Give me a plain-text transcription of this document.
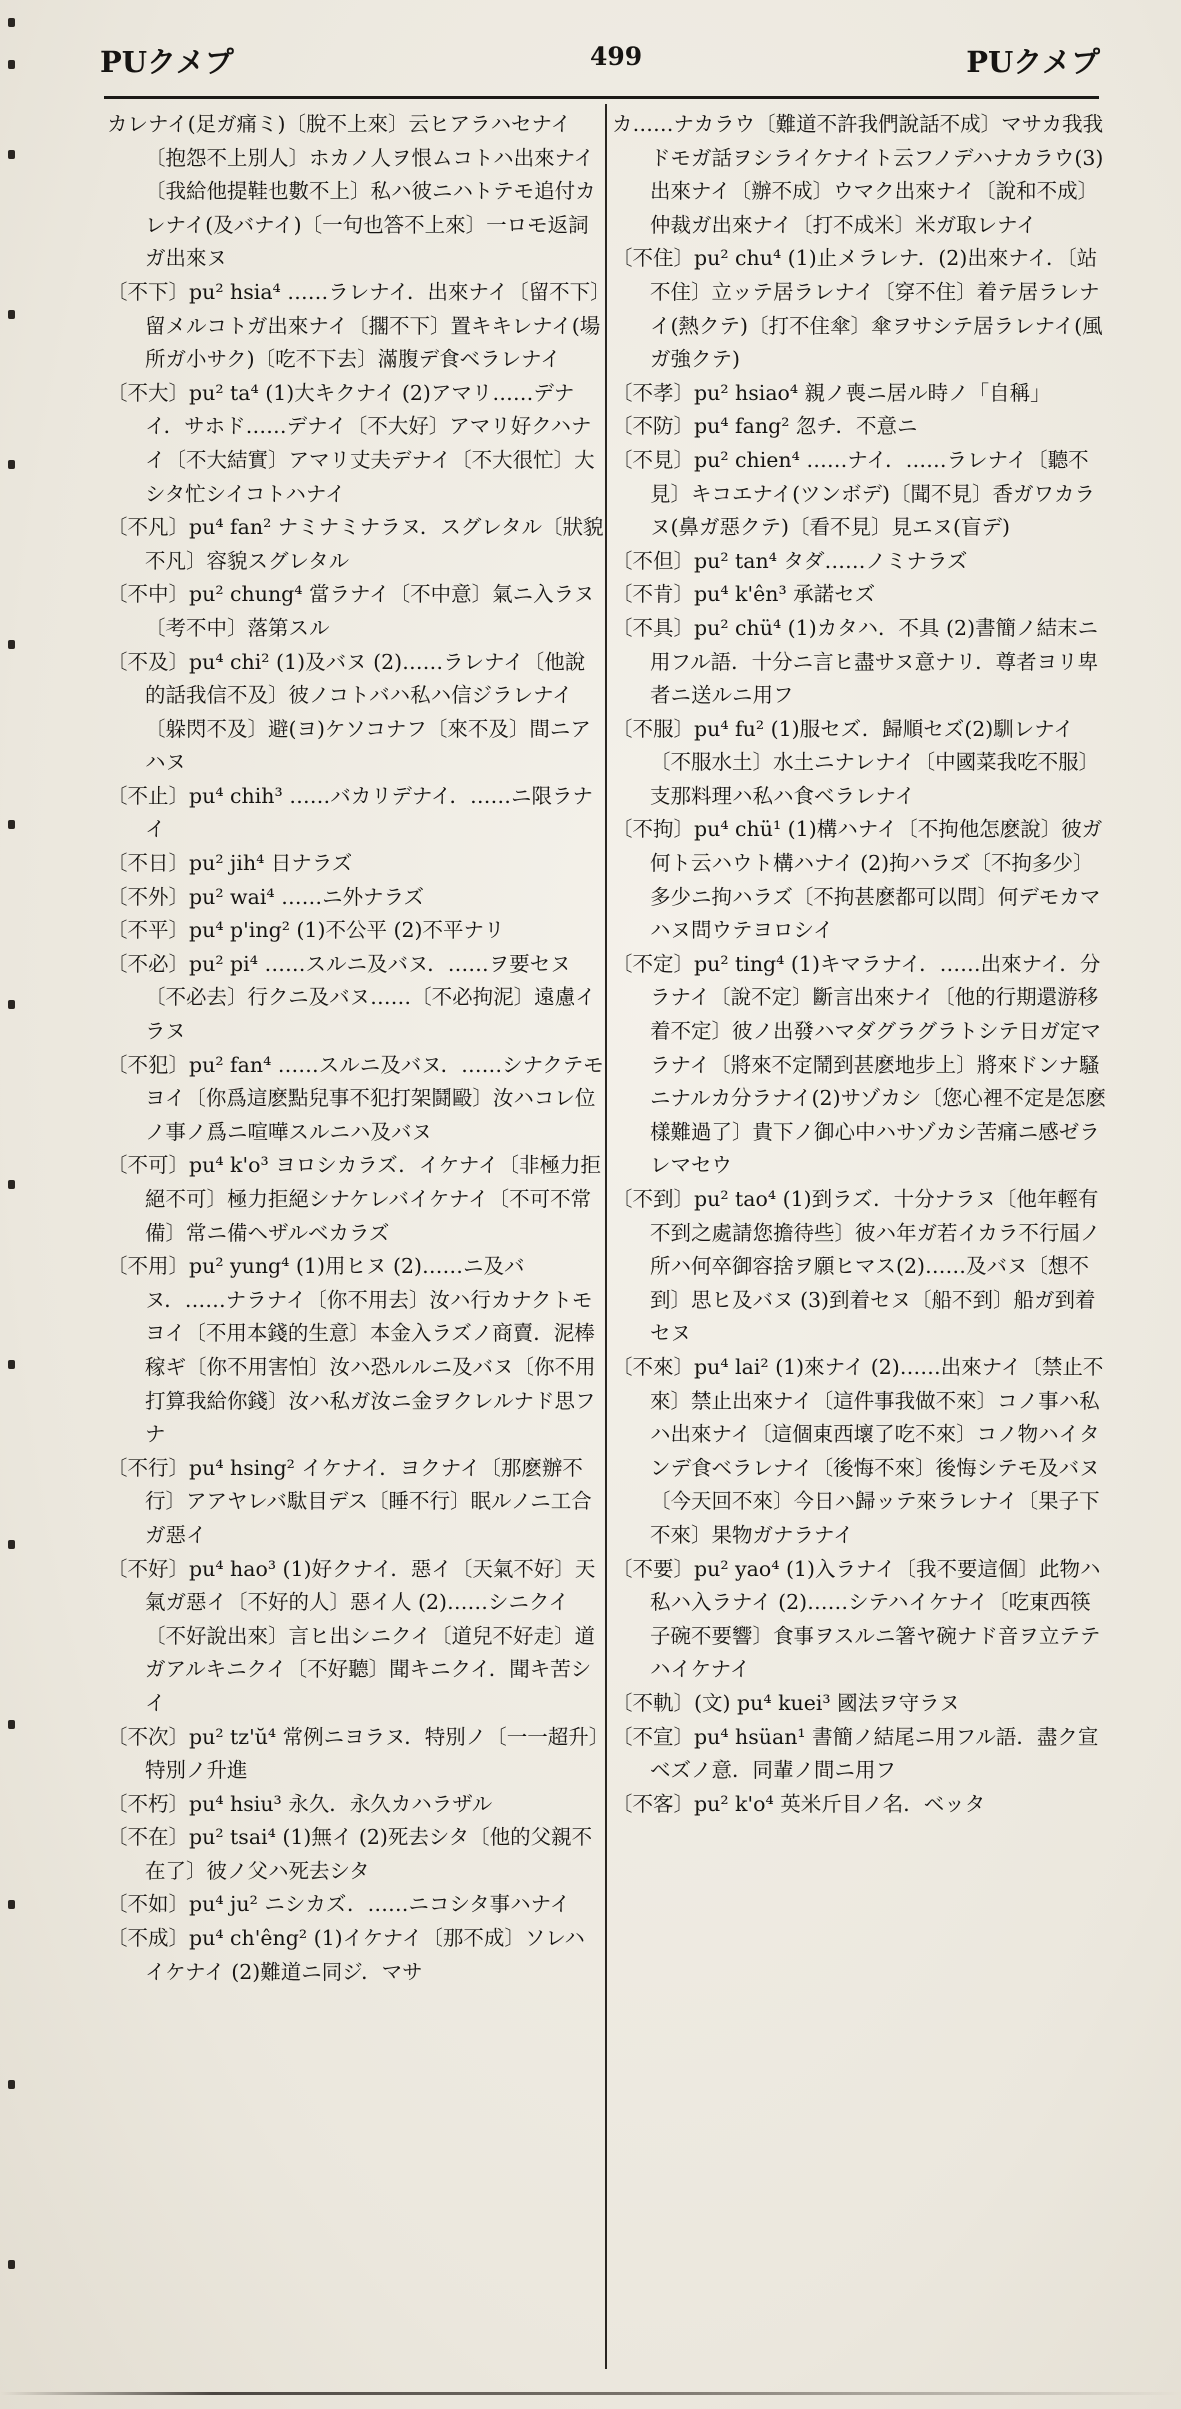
PUクメプ	499	PUクメプ

カレナイ(足ガ痛ミ)〔脫不上來〕云ヒアラハセナイ〔抱怨不上別人〕ホカノ人ヲ恨ムコトハ出來ナイ〔我給他提鞋也數不上〕私ハ彼ニハトテモ追付カレナイ(及バナイ)〔一句也答不上來〕一ロモ返詞ガ出來ヌ

〔不下〕pu² hsia⁴ ……ラレナイ．出來ナイ〔留不下〕留メルコトガ出來ナイ〔擱不下〕置キキレナイ(場所ガ小サク)〔吃不下去〕滿腹デ食ベラレナイ

〔不大〕pu² ta⁴ (1)大キクナイ (2)アマリ……デナイ．サホド……デナイ〔不大好〕アマリ好クハナイ〔不大結實〕アマリ丈夫デナイ〔不大很忙〕大シタ忙シイコトハナイ

〔不凡〕pu⁴ fan² ナミナミナラヌ．スグレタル〔狀貌不凡〕容貌スグレタル

〔不中〕pu² chung⁴ 當ラナイ〔不中意〕氣ニ入ラヌ〔考不中〕落第スル

〔不及〕pu⁴ chi² (1)及バヌ (2)……ラレナイ〔他說的話我信不及〕彼ノコトバハ私ハ信ジラレナイ〔躲閃不及〕避(ヨ)ケソコナフ〔來不及〕間ニアハヌ

〔不止〕pu⁴ chih³ ……バカリデナイ．……ニ限ラナイ

〔不日〕pu² jih⁴ 日ナラズ

〔不外〕pu² wai⁴ ……ニ外ナラズ

〔不平〕pu⁴ p'ing² (1)不公平 (2)不平ナリ

〔不必〕pu² pi⁴ ……スルニ及バヌ．……ヲ要セヌ〔不必去〕行クニ及バヌ……〔不必拘泥〕遠慮イラヌ

〔不犯〕pu² fan⁴ ……スルニ及バヌ．……シナクテモヨイ〔你爲這麽點兒事不犯打架鬪毆〕汝ハコレ位ノ事ノ爲ニ喧嘩スルニハ及バヌ

〔不可〕pu⁴ k'o³ ヨロシカラズ．イケナイ〔非極力拒絕不可〕極力拒絕シナケレバイケナイ〔不可不常備〕常ニ備ヘザルベカラズ

〔不用〕pu² yung⁴ (1)用ヒヌ (2)……ニ及バヌ．……ナラナイ〔你不用去〕汝ハ行カナクトモヨイ〔不用本錢的生意〕本金入ラズノ商賣．泥棒稼ギ〔你不用害怕〕汝ハ恐ルルニ及バヌ〔你不用打算我給你錢〕汝ハ私ガ汝ニ金ヲクレルナド思フナ

〔不行〕pu⁴ hsing² イケナイ．ヨクナイ〔那麽辦不行〕アアヤレバ駄目デス〔睡不行〕眠ルノニ工合ガ惡イ

〔不好〕pu⁴ hao³ (1)好クナイ．惡イ〔天氣不好〕天氣ガ惡イ〔不好的人〕惡イ人 (2)……シニクイ〔不好說出來〕言ヒ出シニクイ〔道兒不好走〕道ガアルキニクイ〔不好聽〕聞キニクイ．聞キ苦シイ

〔不次〕pu² tz'ŭ⁴ 常例ニヨラヌ．特別ノ〔一一超升〕特別ノ升進

〔不朽〕pu⁴ hsiu³ 永久．永久カハラザル

〔不在〕pu² tsai⁴ (1)無イ (2)死去シタ〔他的父親不在了〕彼ノ父ハ死去シタ

〔不如〕pu⁴ ju² ニシカズ．……ニコシタ事ハナイ

〔不成〕pu⁴ ch'êng² (1)イケナイ〔那不成〕ソレハイケナイ (2)難道ニ同ジ．マサ

カ……ナカラウ〔難道不許我們說話不成〕マサカ我我ドモガ話ヲシライケナイト云フノデハナカラウ(3)出來ナイ〔辦不成〕ウマク出來ナイ〔說和不成〕仲裁ガ出來ナイ〔打不成米〕米ガ取レナイ

〔不住〕pu² chu⁴ (1)止メラレナ．(2)出來ナイ．〔站不住〕立ッテ居ラレナイ〔穿不住〕着テ居ラレナイ(熱クテ)〔打不住傘〕傘ヲサシテ居ラレナイ(風ガ強クテ)

〔不孝〕pu² hsiao⁴ 親ノ喪ニ居ル時ノ「自稱」

〔不防〕pu⁴ fang² 忽チ．不意ニ

〔不見〕pu² chien⁴ ……ナイ．……ラレナイ〔聽不見〕キコエナイ(ツンボデ)〔聞不見〕香ガワカラヌ(鼻ガ惡クテ)〔看不見〕見エヌ(盲デ)

〔不但〕pu² tan⁴ タダ……ノミナラズ

〔不肯〕pu⁴ k'ên³ 承諾セズ

〔不具〕pu² chü⁴ (1)カタハ．不具 (2)書簡ノ結末ニ用フル語．十分ニ言ヒ盡サヌ意ナリ．尊者ヨリ卑者ニ送ルニ用フ

〔不服〕pu⁴ fu² (1)服セズ．歸順セズ(2)馴レナイ〔不服水土〕水土ニナレナイ〔中國菜我吃不服〕支那料理ハ私ハ食ベラレナイ

〔不拘〕pu⁴ chü¹ (1)構ハナイ〔不拘他怎麽說〕彼ガ何ト云ハウト構ハナイ (2)拘ハラズ〔不拘多少〕多少ニ拘ハラズ〔不拘甚麽都可以問〕何デモカマハヌ問ウテヨロシイ

〔不定〕pu² ting⁴ (1)キマラナイ．……出來ナイ．分ラナイ〔說不定〕斷言出來ナイ〔他的行期還游移着不定〕彼ノ出發ハマダグラグラトシテ日ガ定マラナイ〔將來不定鬧到甚麽地步上〕將來ドンナ騷ニナルカ分ラナイ(2)サゾカシ〔您心裡不定是怎麽樣難過了〕貴下ノ御心中ハサゾカシ苦痛ニ感ゼラレマセウ

〔不到〕pu² tao⁴ (1)到ラズ．十分ナラヌ〔他年輕有不到之處請您擔待些〕彼ハ年ガ若イカラ不行屆ノ所ハ何卒御容捨ヲ願ヒマス(2)……及バヌ〔想不到〕思ヒ及バヌ (3)到着セヌ〔船不到〕船ガ到着セヌ

〔不來〕pu⁴ lai² (1)來ナイ (2)……出來ナイ〔禁止不來〕禁止出來ナイ〔這件事我做不來〕コノ事ハ私ハ出來ナイ〔這個東西壞了吃不來〕コノ物ハイタンデ食ベラレナイ〔後悔不來〕後悔シテモ及バヌ〔今天回不來〕今日ハ歸ッテ來ラレナイ〔果子下不來〕果物ガナラナイ

〔不要〕pu² yao⁴ (1)入ラナイ〔我不要這個〕此物ハ私ハ入ラナイ (2)……シテハイケナイ〔吃東西筷子碗不要響〕食事ヲスルニ箸ヤ碗ナド音ヲ立テテハイケナイ

〔不軌〕(文) pu⁴ kuei³ 國法ヲ守ラヌ

〔不宣〕pu⁴ hsüan¹ 書簡ノ結尾ニ用フル語．盡ク宣ベズノ意．同輩ノ間ニ用フ

〔不客〕pu² k'o⁴ 英米斤目ノ名．ベッタ
